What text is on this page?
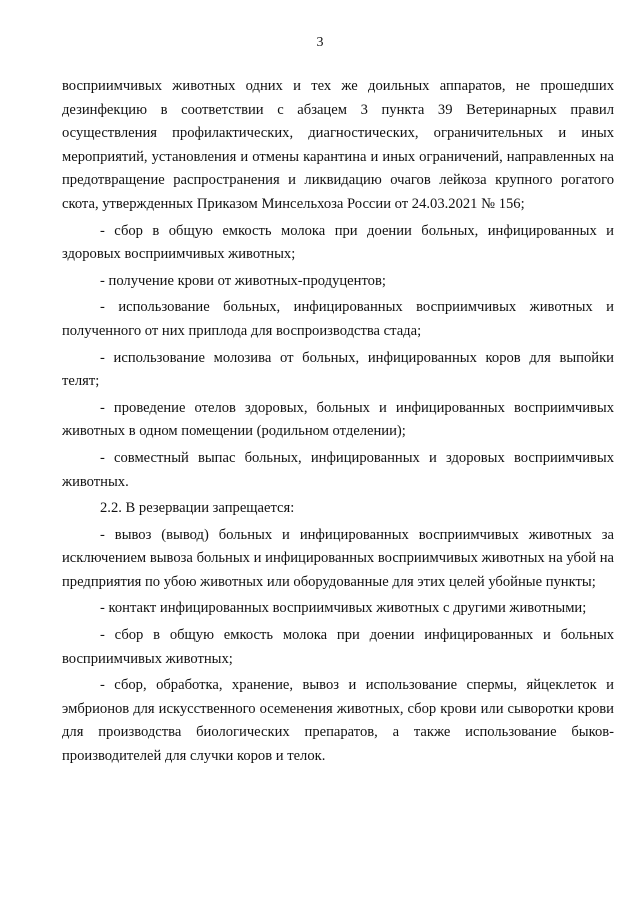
3

восприимчивых животных одних и тех же доильных аппаратов, не прошедших дезинфекцию в соответствии с абзацем 3 пункта 39 Ветеринарных правил осуществления профилактических, диагностических, ограничительных и иных мероприятий, установления и отмены карантина и иных ограничений, направленных на предотвращение распространения и ликвидацию очагов лейкоза крупного рогатого скота, утвержденных Приказом Минсельхоза России от 24.03.2021 № 156;

- сбор в общую емкость молока при доении больных, инфицированных и здоровых восприимчивых животных;

- получение крови от животных-продуцентов;

- использование больных, инфицированных восприимчивых животных и полученного от них приплода для воспроизводства стада;

- использование молозива от больных, инфицированных коров для выпойки телят;

- проведение отелов здоровых, больных и инфицированных восприимчивых животных в одном помещении (родильном отделении);

- совместный выпас больных, инфицированных и здоровых восприимчивых животных.

2.2. В резервации запрещается:

- вывоз (вывод) больных и инфицированных восприимчивых животных за исключением вывоза больных и инфицированных восприимчивых животных на убой на предприятия по убою животных или оборудованные для этих целей убойные пункты;

- контакт инфицированных восприимчивых животных с другими животными;

- сбор в общую емкость молока при доении инфицированных и больных восприимчивых животных;

- сбор, обработка, хранение, вывоз и использование спермы, яйцеклеток и эмбрионов для искусственного осеменения животных, сбор крови или сыворотки крови для производства биологических препаратов, а также использование быков-производителей для случки коров и телок.
